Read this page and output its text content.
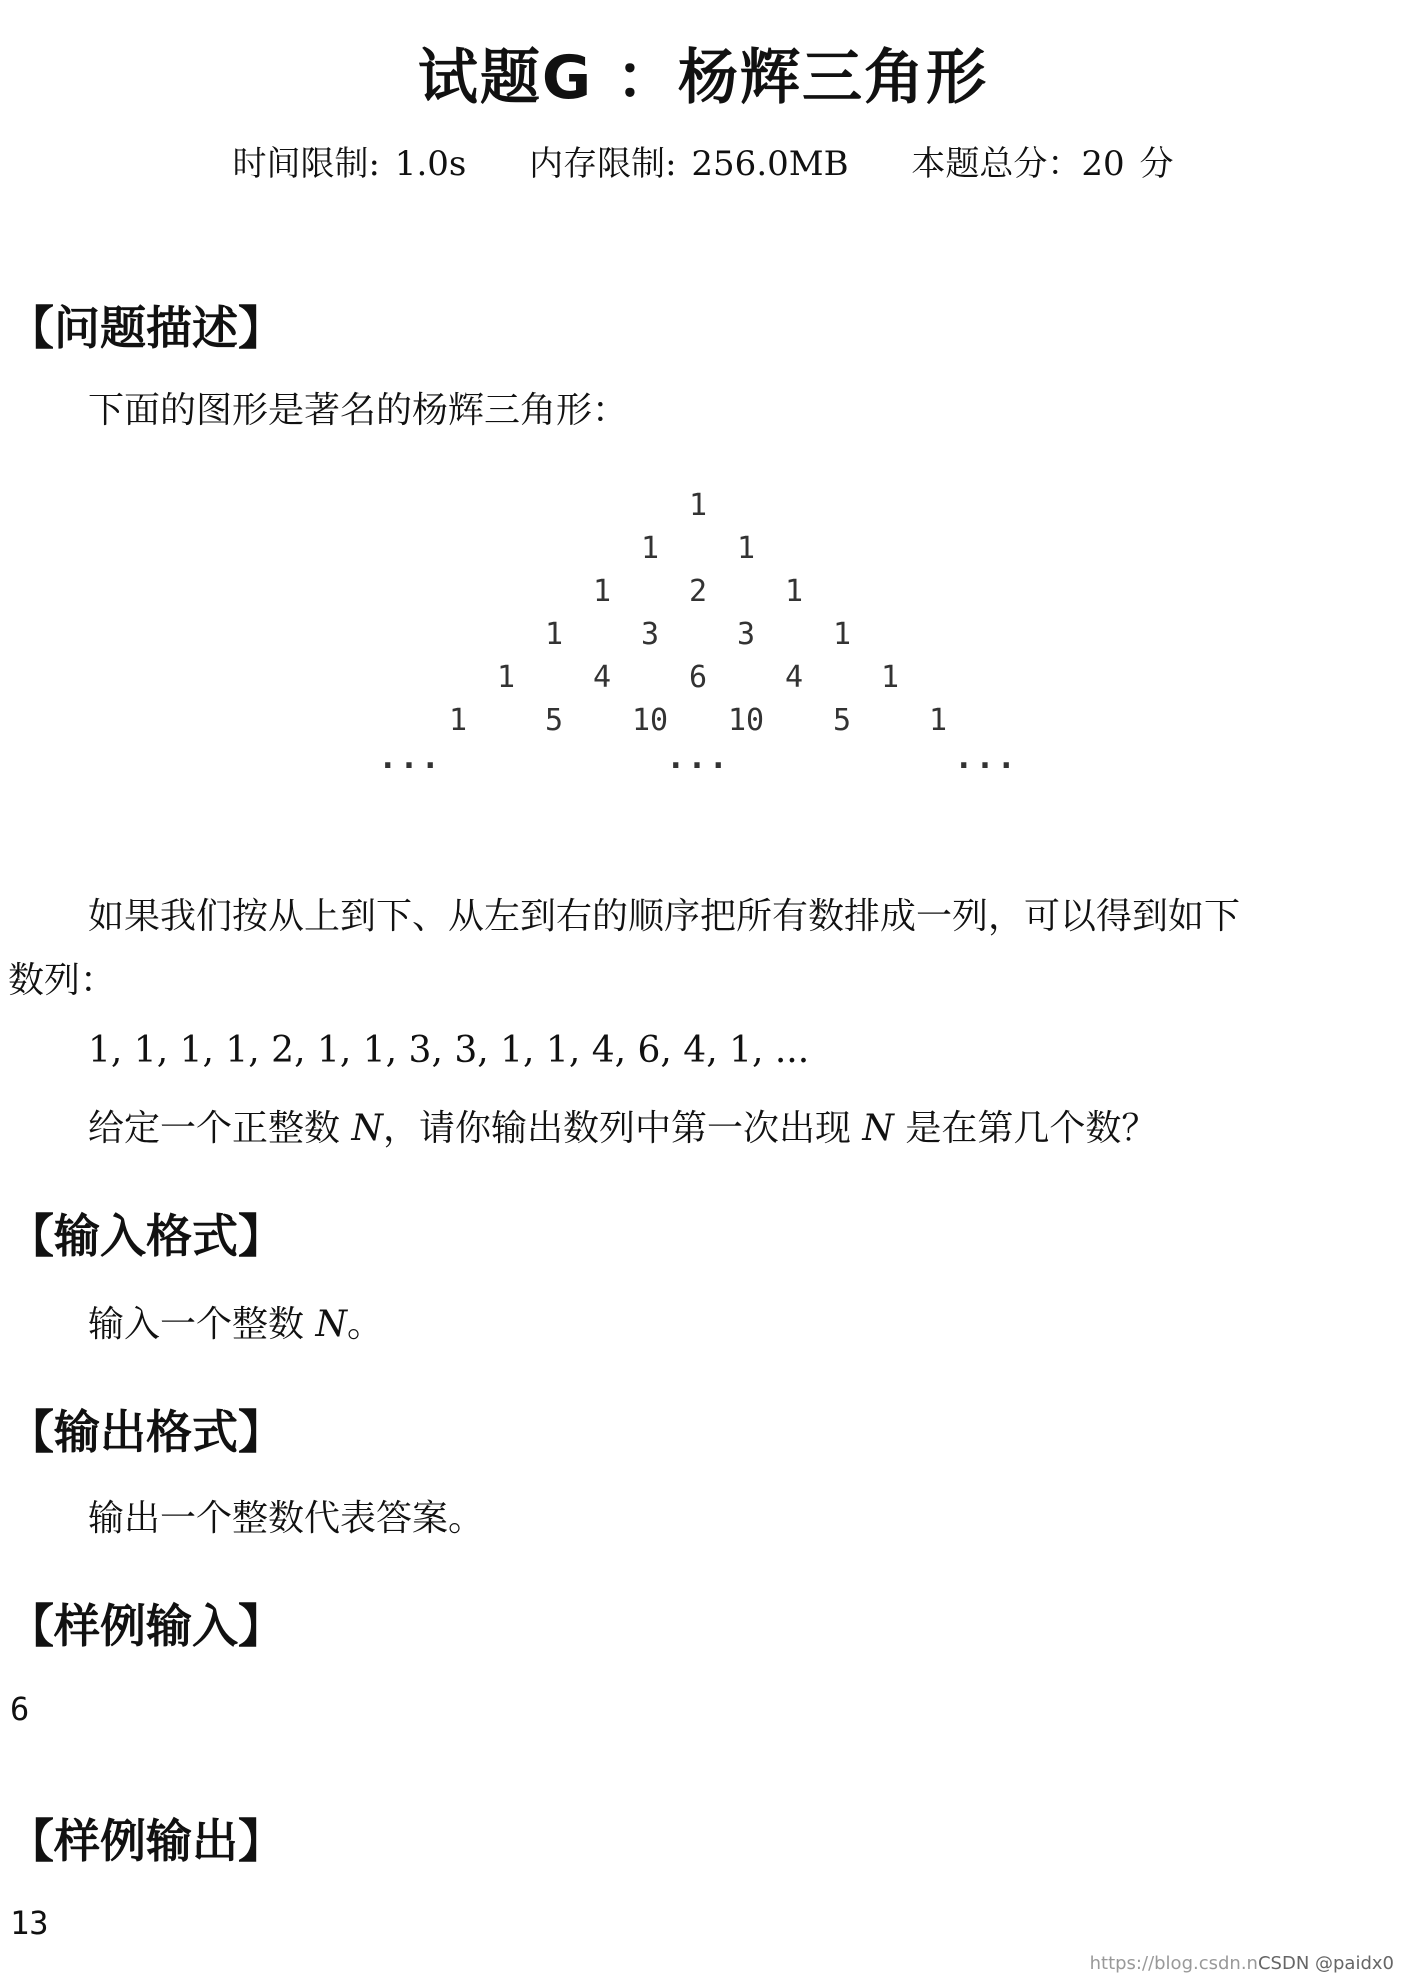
试题G ：杨辉三角形
时间限制: 1.0s 内存限制: 256.0MB 本题总分：20 分
【问题描述】
下面的图形是著名的杨辉三角形：
1
1	1
1	2	1
1	3	3	1
1	4	6	4	1
1	5 10 10 5	1
...	...	...
如果我们按从上到下、从左到右的顺序把所有数排成一列，可以得到如下
数列：
1, 1, 1, 1, 2, 1, 1, 3, 3, 1, 1, 4, 6, 4, 1, ...
给定一个正整数 N，请你输出数列中第一次出现 N 是在第几个数？
【输入格式】
输入一个整数 N。
【输出格式】
输出一个整数代表答案。
【样例输入】
6
【样例输出】
13
https://blog.csdn.nCSDN @paidx0
